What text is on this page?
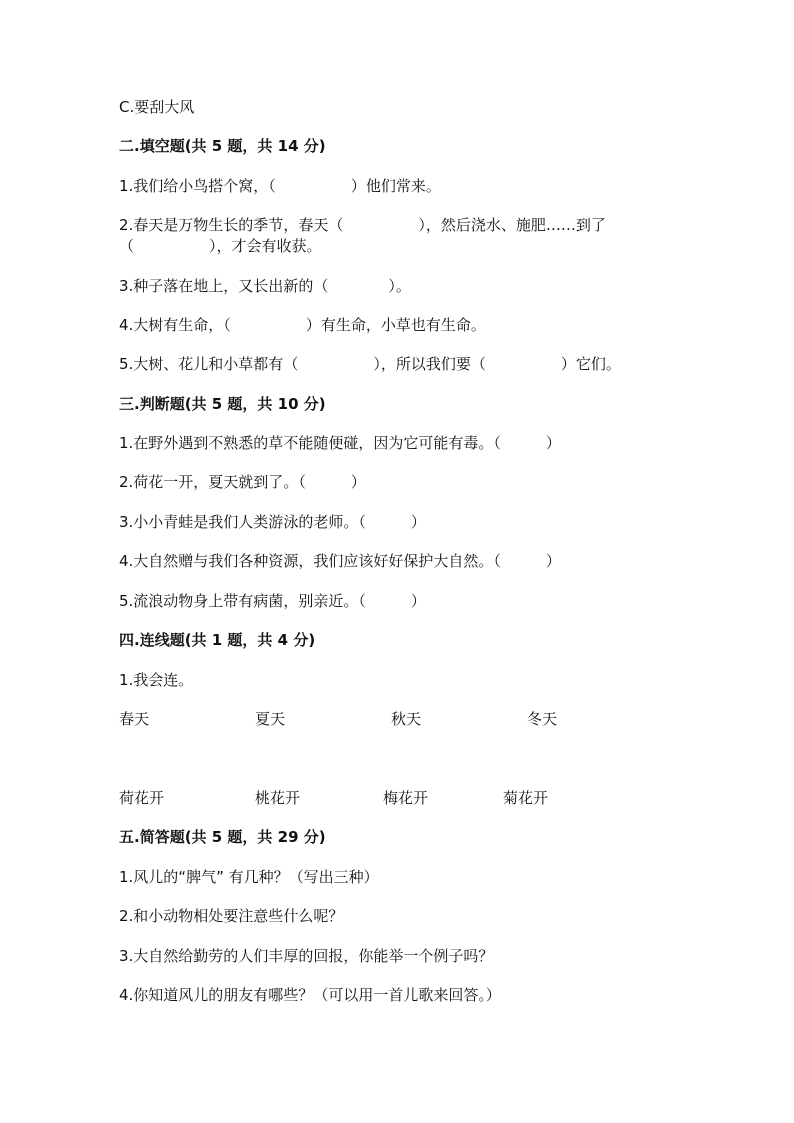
C.要刮大风
二.填空题(共 5 题，共 14 分)
1.我们给小鸟搭个窝，（　　　　　）他们常来。
2.春天是万物生长的季节，春天（　　　　　），然后浇水、施肥……到了
（　　　　　），才会有收获。
3.种子落在地上，又长出新的（　　　　）。
4.大树有生命，（　　　　　）有生命，小草也有生命。
5.大树、花儿和小草都有（　　　　　），所以我们要（　　　　　）它们。
三.判断题(共 5 题，共 10 分)
1.在野外遇到不熟悉的草不能随便碰，因为它可能有毒。（　　　）
2.荷花一开，夏天就到了。（　　　）
3.小小青蛙是我们人类游泳的老师。（　　　）
4.大自然赠与我们各种资源，我们应该好好保护大自然。（　　　）
5.流浪动物身上带有病菌，别亲近。（　　　）
四.连线题(共 1 题，共 4 分)
1.我会连。
春天	夏天	秋天	冬天
荷花开	桃花开	梅花开	菊花开
五.简答题(共 5 题，共 29 分)
1.风儿的“脾气” 有几种？（写出三种）
2.和小动物相处要注意些什么呢？
3.大自然给勤劳的人们丰厚的回报，你能举一个例子吗？
4.你知道风儿的朋友有哪些？（可以用一首儿歌来回答。）
